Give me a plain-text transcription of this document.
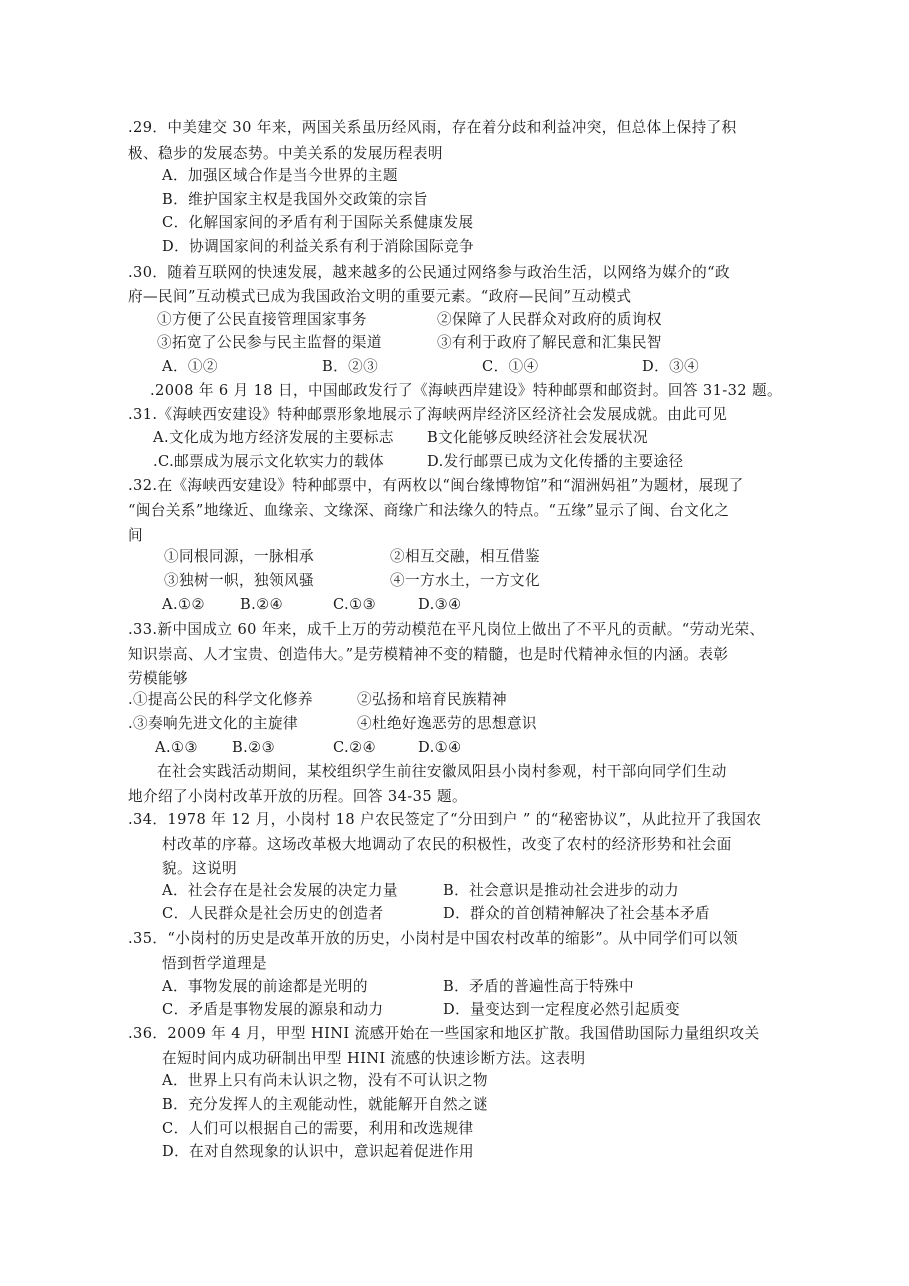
.29．中美建交 30 年来，两国关系虽历经风雨，存在着分歧和利益冲突，但总体上保持了积
极、稳步的发展态势。中美关系的发展历程表明
A．加强区域合作是当今世界的主题
B．维护国家主权是我国外交政策的宗旨
C．化解国家间的矛盾有利于国际关系健康发展
D．协调国家间的利益关系有利于消除国际竞争
.30．随着互联网的快速发展，越来越多的公民通过网络参与政治生活，以网络为媒介的“政
府—民间”互动模式已成为我国政治文明的重要元素。“政府—民间”互动模式
①方便了公民直接管理国家事务	②保障了人民群众对政府的质询权
③拓宽了公民参与民主监督的渠道	③有利于政府了解民意和汇集民智
A．①②	B．②③	C．①④	D．③④
.2008 年 6 月 18 日，中国邮政发行了《海峡西岸建设》特种邮票和邮资封。回答 31-32 题。
.31.《海峡西安建设》特种邮票形象地展示了海峡两岸经济区经济社会发展成就。由此可见
A.文化成为地方经济发展的主要标志 B文化能够反映经济社会发展状况
.C.邮票成为展示文化软实力的载体	D.发行邮票已成为文化传播的主要途径
.32.在《海峡西安建设》特种邮票中，有两枚以“闽台缘博物馆”和“湄洲妈祖”为题材，展现了
“闽台关系”地缘近、血缘亲、文缘深、商缘广和法缘久的特点。“五缘”显示了闽、台文化之
间
①同根同源，一脉相承	②相互交融，相互借鉴
③独树一帜，独领风骚	④一方水土，一方文化
A.①② B.②④	C.①③	D.③④
.33.新中国成立 60 年来，成千上万的劳动模范在平凡岗位上做出了不平凡的贡献。“劳动光荣、
知识崇高、人才宝贵、创造伟大。”是劳模精神不变的精髓，也是时代精神永恒的内涵。表彰
劳模能够
.①提高公民的科学文化修养	②弘扬和培育民族精神
.③奏响先进文化的主旋律	④杜绝好逸恶劳的思想意识
A.①③ B.②③	C.②④	D.①④
在社会实践活动期间，某校组织学生前往安徽凤阳县小岗村参观，村干部向同学们生动
地介绍了小岗村改革开放的历程。回答 34-35 题。
.34．1978 年 12 月，小岗村 18 户农民签定了“分田到户 ” 的“秘密协议”，从此拉开了我国农
村改革的序幕。这场改革极大地调动了农民的积极性，改变了农村的经济形势和社会面
貌。这说明
A．社会存在是社会发展的决定力量	B．社会意识是推动社会进步的动力
C．人民群众是社会历史的创造者	D．群众的首创精神解决了社会基本矛盾
.35．“小岗村的历史是改革开放的历史，小岗村是中国农村改革的缩影”。从中同学们可以领
悟到哲学道理是
A．事物发展的前途都是光明的	B．矛盾的普遍性高于特殊中
C．矛盾是事物发展的源泉和动力	D．量变达到一定程度必然引起质变
.36．2009 年 4 月，甲型 HINI 流感开始在一些国家和地区扩散。我国借助国际力量组织攻关
在短时间内成功研制出甲型 HINI 流感的快速诊断方法。这表明
A．世界上只有尚未认识之物，没有不可认识之物
B．充分发挥人的主观能动性，就能解开自然之谜
C．人们可以根据自己的需要，利用和改选规律
D．在对自然现象的认识中，意识起着促进作用
